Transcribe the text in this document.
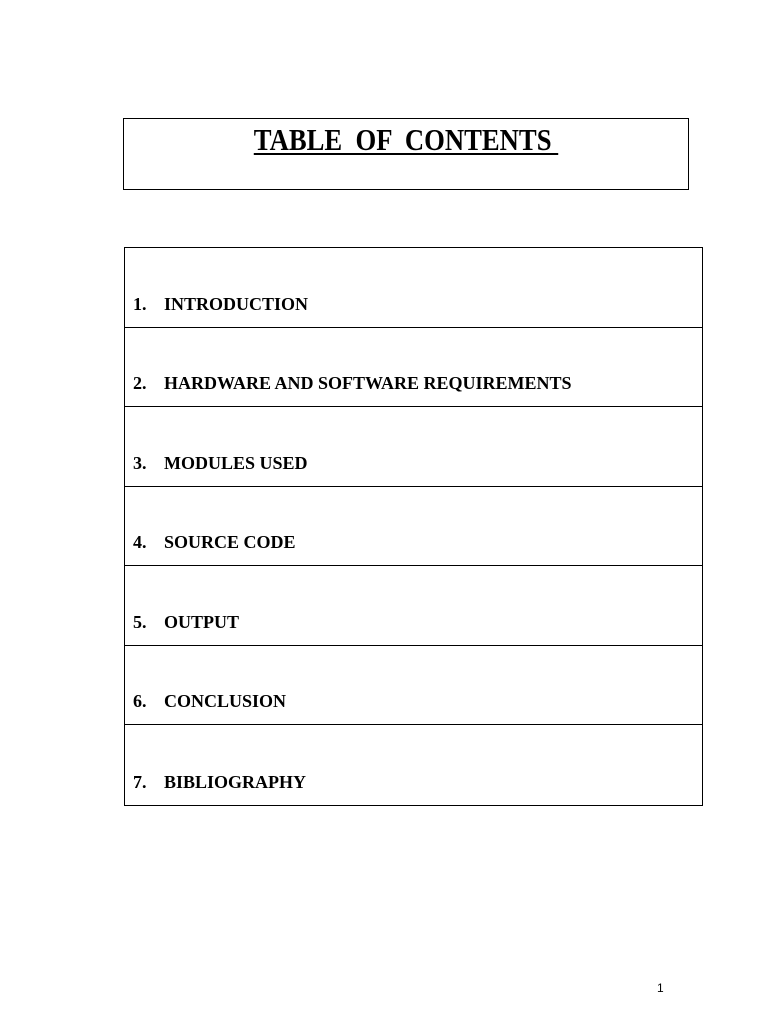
TABLE  OF  CONTENTS
1. INTRODUCTION
2. HARDWARE AND SOFTWARE REQUIREMENTS
3. MODULES USED
4. SOURCE CODE
5. OUTPUT
6. CONCLUSION
7. BIBLIOGRAPHY
1
